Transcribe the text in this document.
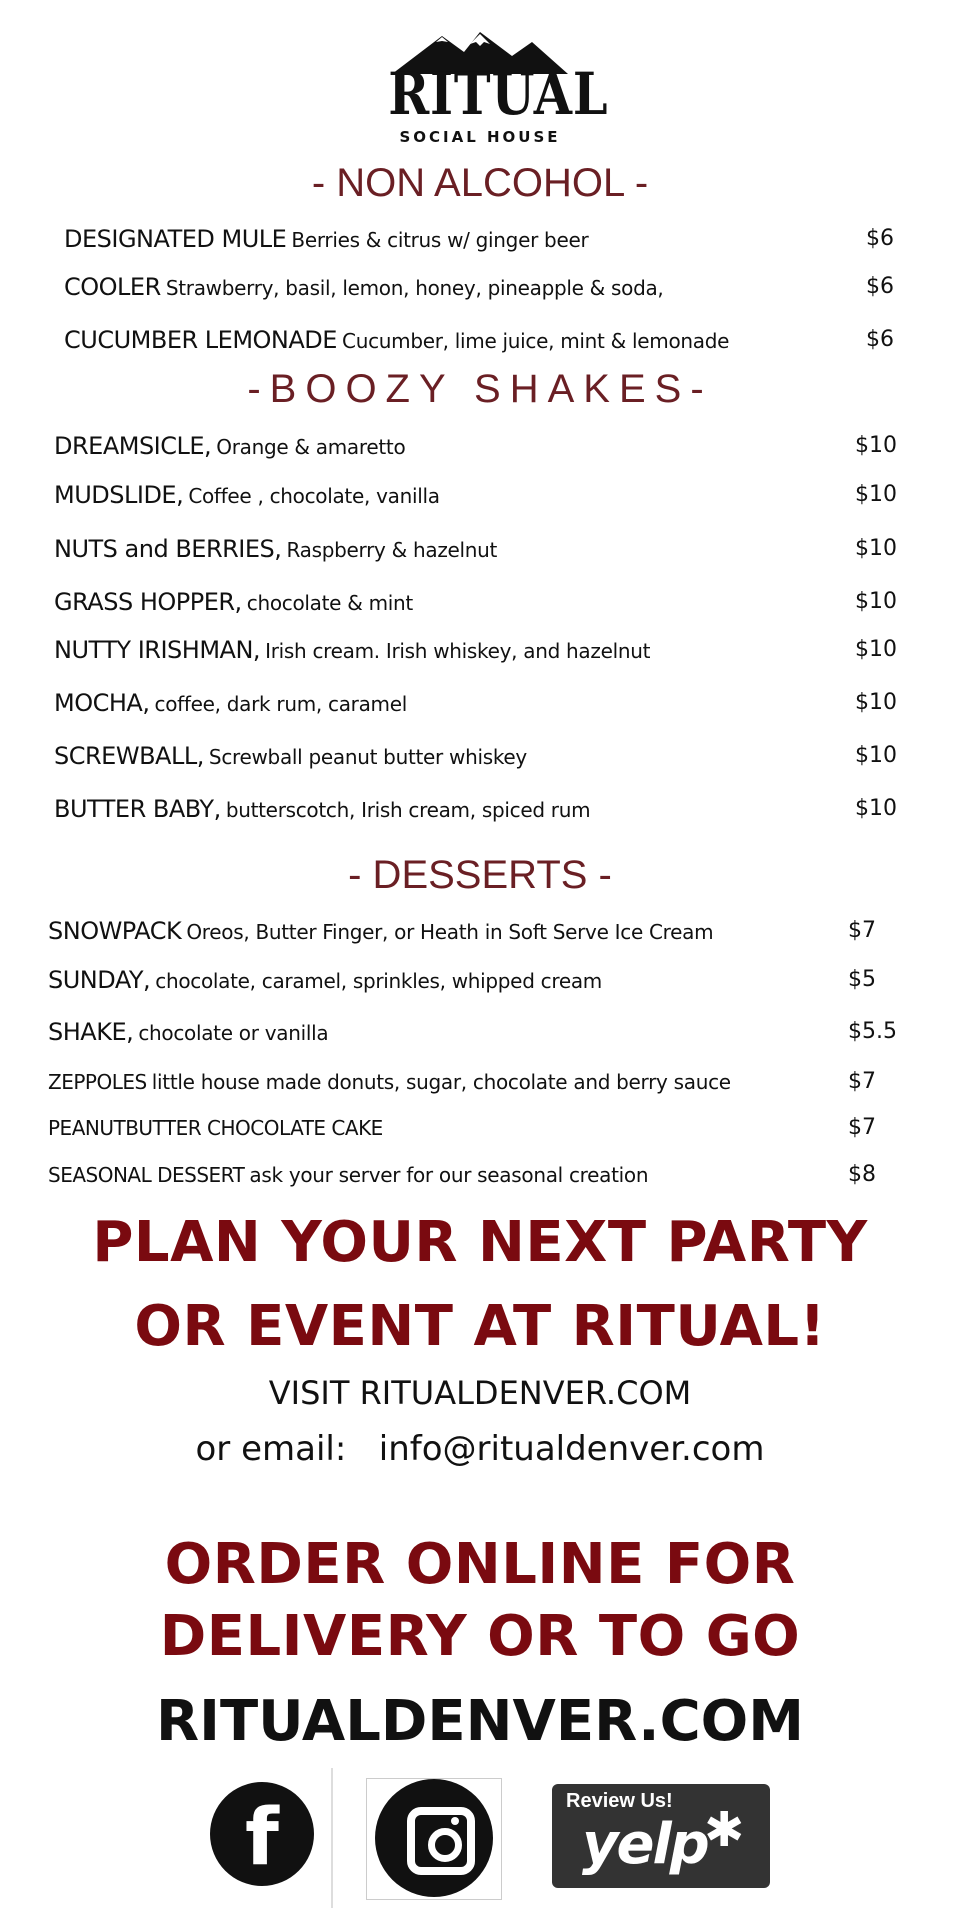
RITUAL
SOCIAL HOUSE
- NON ALCOHOL -
DESIGNATED MULE Berries & citrus w/ ginger beer	$6
COOLER Strawberry, basil, lemon, honey, pineapple & soda,	$6
CUCUMBER LEMONADE Cucumber, lime juice, mint & lemonade	$6
-BOOZY SHAKES-
DREAMSICLE, Orange & amaretto	$10
MUDSLIDE, Coffee , chocolate, vanilla	$10
NUTS and BERRIES, Raspberry & hazelnut	$10
GRASS HOPPER, chocolate & mint	$10
NUTTY IRISHMAN, Irish cream. Irish whiskey, and hazelnut	$10
MOCHA, coffee, dark rum, caramel	$10
SCREWBALL, Screwball peanut butter whiskey	$10
BUTTER BABY, butterscotch, Irish cream, spiced rum	$10
- DESSERTS -
SNOWPACK Oreos, Butter Finger, or Heath in Soft Serve Ice Cream	$7
SUNDAY, chocolate, caramel, sprinkles, whipped cream	$5
SHAKE, chocolate or vanilla	$5.5
ZEPPOLES little house made donuts, sugar, chocolate and berry sauce	$7
PEANUTBUTTER CHOCOLATE CAKE	$7
SEASONAL DESSERT ask your server for our seasonal creation	$8
PLAN YOUR NEXT PARTY
OR EVENT AT RITUAL!
VISIT RITUALDENVER.COM
or email: info@ritualdenver.com
ORDER ONLINE FOR
DELIVERY OR TO GO
RITUALDENVER.COM
f	Review Us!
yelp
✱
